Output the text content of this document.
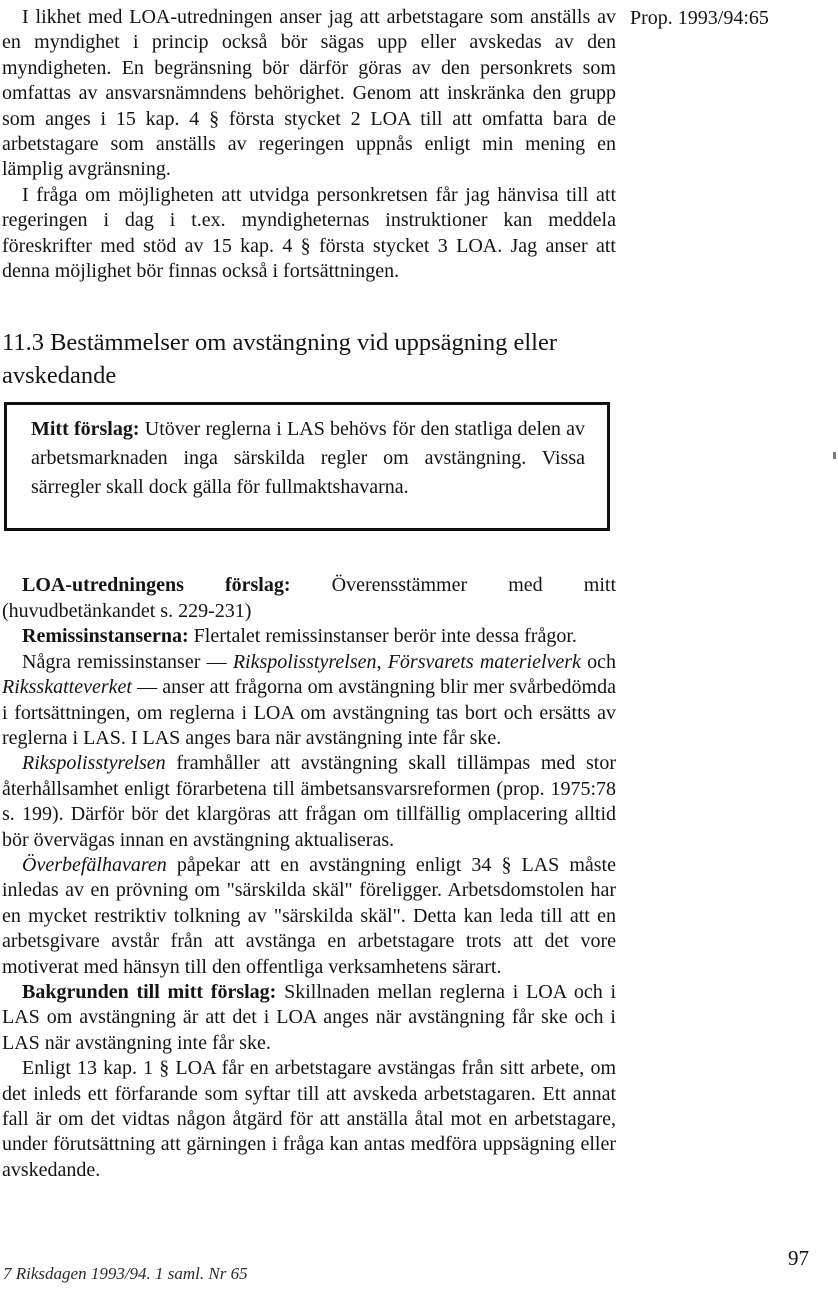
Prop. 1993/94:65

I likhet med LOA-utredningen anser jag att arbetstagare som anställs av en myndighet i princip också bör sägas upp eller avskedas av den myndigheten. En begränsning bör därför göras av den personkrets som omfattas av ansvarsnämndens behörighet. Genom att inskränka den grupp som anges i 15 kap. 4 § första stycket 2 LOA till att omfatta bara de arbetstagare som anställs av regeringen uppnås enligt min mening en lämplig avgränsning.

I fråga om möjligheten att utvidga personkretsen får jag hänvisa till att regeringen i dag i t.ex. myndigheternas instruktioner kan meddela föreskrifter med stöd av 15 kap. 4 § första stycket 3 LOA. Jag anser att denna möjlighet bör finnas också i fortsättningen.

11.3 Bestämmelser om avstängning vid uppsägning eller avskedande

Mitt förslag: Utöver reglerna i LAS behövs för den statliga delen av arbetsmarknaden inga särskilda regler om avstängning. Vissa särregler skall dock gälla för fullmaktshavarna.

LOA-utredningens förslag: Överensstämmer med mitt
(huvudbetänkandet s. 229-231)

Remissinstanserna: Flertalet remissinstanser berör inte dessa frågor.

Några remissinstanser — Rikspolisstyrelsen, Försvarets materielverk och Riksskatteverket — anser att frågorna om avstängning blir mer svårbedömda i fortsättningen, om reglerna i LOA om avstängning tas bort och ersätts av reglerna i LAS. I LAS anges bara när avstängning inte får ske.

Rikspolisstyrelsen framhåller att avstängning skall tillämpas med stor återhållsamhet enligt förarbetena till ämbetsansvarsreformen (prop. 1975:78 s. 199). Därför bör det klargöras att frågan om tillfällig omplacering alltid bör övervägas innan en avstängning aktualiseras.

Överbefälhavaren påpekar att en avstängning enligt 34 § LAS måste inledas av en prövning om "särskilda skäl" föreligger. Arbetsdomstolen har en mycket restriktiv tolkning av "särskilda skäl". Detta kan leda till att en arbetsgivare avstår från att avstänga en arbetstagare trots att det vore motiverat med hänsyn till den offentliga verksamhetens särart.

Bakgrunden till mitt förslag: Skillnaden mellan reglerna i LOA och i LAS om avstängning är att det i LOA anges när avstängning får ske och i LAS när avstängning inte får ske.

Enligt 13 kap. 1 § LOA får en arbetstagare avstängas från sitt arbete, om det inleds ett förfarande som syftar till att avskeda arbetstagaren. Ett annat fall är om det vidtas någon åtgärd för att anställa åtal mot en arbetstagare, under förutsättning att gärningen i fråga kan antas medföra uppsägning eller avskedande.

97
7 Riksdagen 1993/94. 1 saml. Nr 65
